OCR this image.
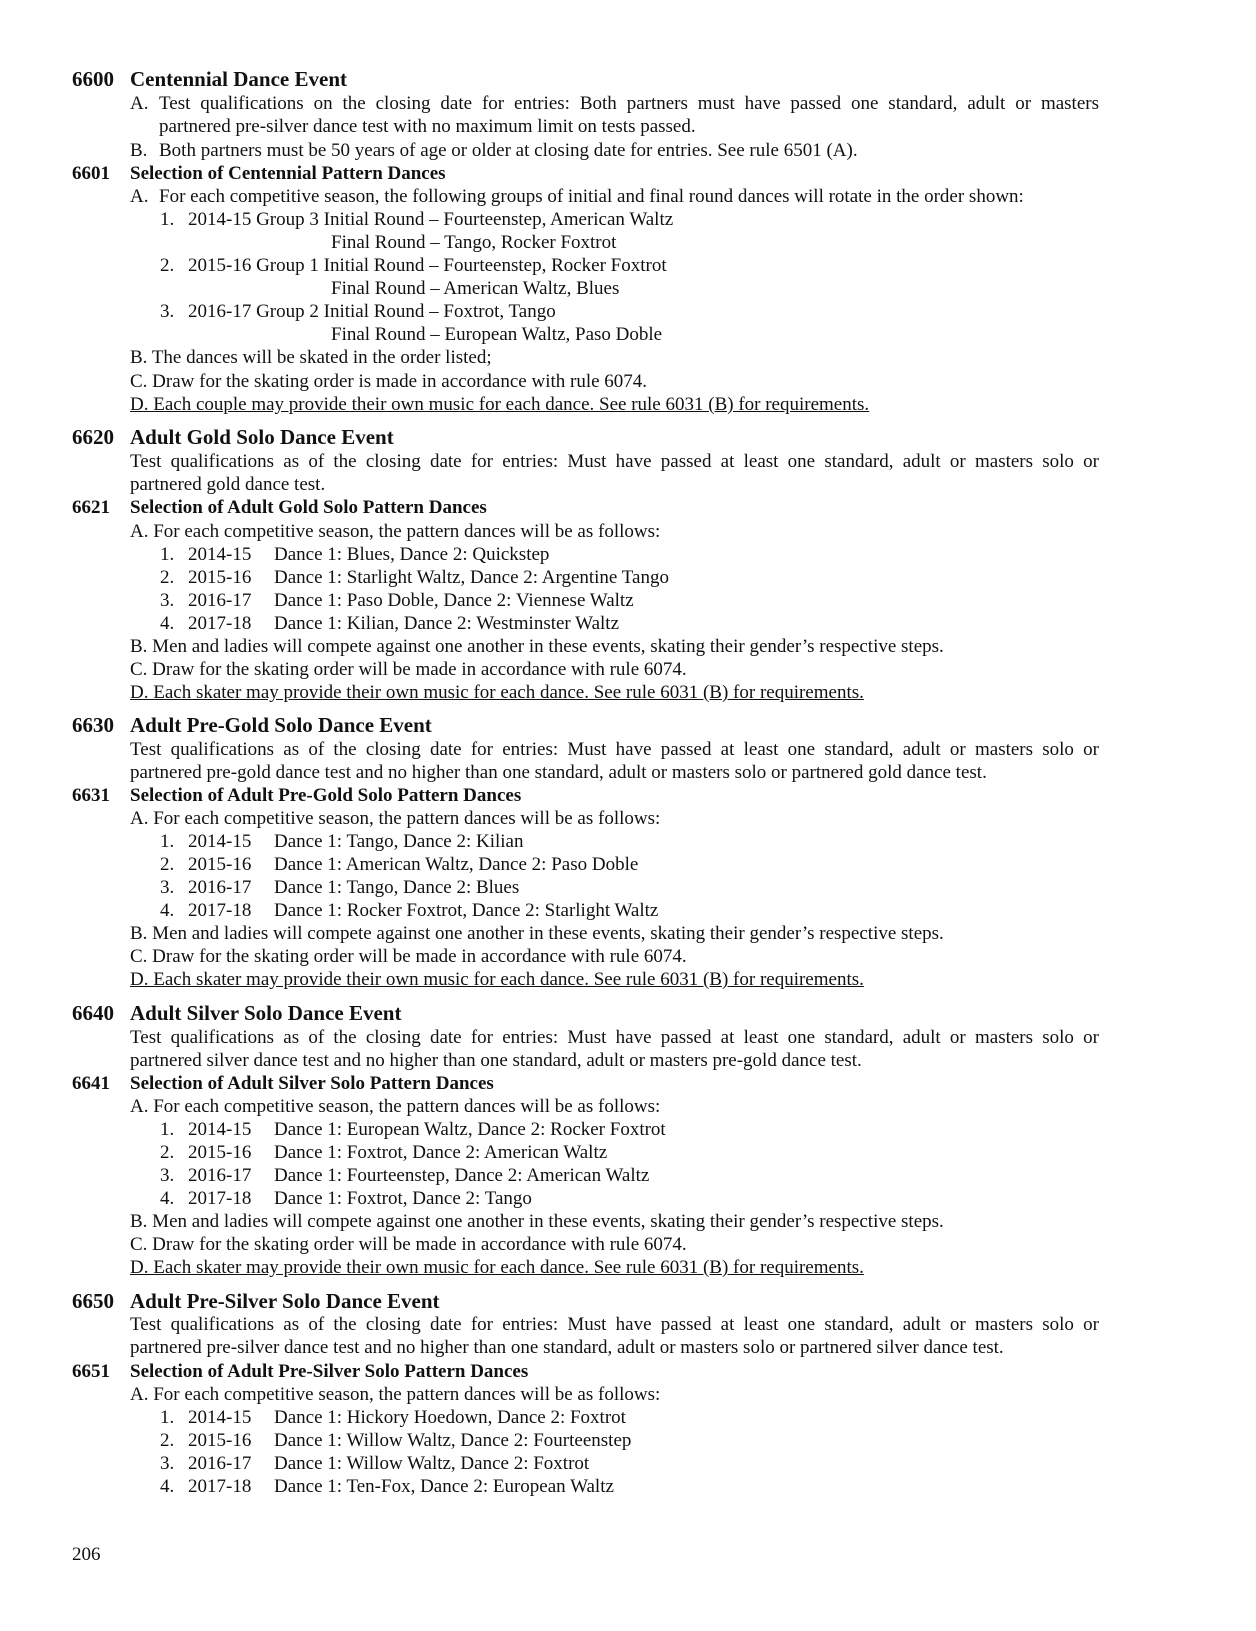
6600 Centennial Dance Event
A. Test qualifications on the closing date for entries: Both partners must have passed one standard, adult or masters
partnered pre-silver dance test with no maximum limit on tests passed.
B. Both partners must be 50 years of age or older at closing date for entries. See rule 6501 (A).
6601 Selection of Centennial Pattern Dances
A. For each competitive season, the following groups of initial and final round dances will rotate in the order shown:
1. 2014-15 Group 3 Initial Round – Fourteenstep, American Waltz
Final Round – Tango, Rocker Foxtrot
2. 2015-16 Group 1 Initial Round – Fourteenstep, Rocker Foxtrot
Final Round – American Waltz, Blues
3. 2016-17 Group 2 Initial Round – Foxtrot, Tango
Final Round – European Waltz, Paso Doble
B. The dances will be skated in the order listed;
C. Draw for the skating order is made in accordance with rule 6074.
D. Each couple may provide their own music for each dance. See rule 6031 (B) for requirements.
6620 Adult Gold Solo Dance Event
Test qualifications as of the closing date for entries: Must have passed at least one standard, adult or masters solo or
partnered gold dance test.
6621 Selection of Adult Gold Solo Pattern Dances
A. For each competitive season, the pattern dances will be as follows:
1. 2014-15 Dance 1: Blues, Dance 2: Quickstep
2. 2015-16 Dance 1: Starlight Waltz, Dance 2: Argentine Tango
3. 2016-17 Dance 1: Paso Doble, Dance 2: Viennese Waltz
4. 2017-18 Dance 1: Kilian, Dance 2: Westminster Waltz
B. Men and ladies will compete against one another in these events, skating their gender’s respective steps.
C. Draw for the skating order will be made in accordance with rule 6074.
D. Each skater may provide their own music for each dance. See rule 6031 (B) for requirements.
6630 Adult Pre-Gold Solo Dance Event
Test qualifications as of the closing date for entries: Must have passed at least one standard, adult or masters solo or
partnered pre-gold dance test and no higher than one standard, adult or masters solo or partnered gold dance test.
6631 Selection of Adult Pre-Gold Solo Pattern Dances
A. For each competitive season, the pattern dances will be as follows:
1. 2014-15 Dance 1: Tango, Dance 2: Kilian
2. 2015-16 Dance 1: American Waltz, Dance 2: Paso Doble
3. 2016-17 Dance 1: Tango, Dance 2: Blues
4. 2017-18 Dance 1: Rocker Foxtrot, Dance 2: Starlight Waltz
B. Men and ladies will compete against one another in these events, skating their gender’s respective steps.
C. Draw for the skating order will be made in accordance with rule 6074.
D. Each skater may provide their own music for each dance. See rule 6031 (B) for requirements.
6640 Adult Silver Solo Dance Event
Test qualifications as of the closing date for entries: Must have passed at least one standard, adult or masters solo or
partnered silver dance test and no higher than one standard, adult or masters pre-gold dance test.
6641 Selection of Adult Silver Solo Pattern Dances
A. For each competitive season, the pattern dances will be as follows:
1. 2014-15 Dance 1: European Waltz, Dance 2: Rocker Foxtrot
2. 2015-16 Dance 1: Foxtrot, Dance 2: American Waltz
3. 2016-17 Dance 1: Fourteenstep, Dance 2: American Waltz
4. 2017-18 Dance 1: Foxtrot, Dance 2: Tango
B. Men and ladies will compete against one another in these events, skating their gender’s respective steps.
C. Draw for the skating order will be made in accordance with rule 6074.
D. Each skater may provide their own music for each dance. See rule 6031 (B) for requirements.
6650 Adult Pre-Silver Solo Dance Event
Test qualifications as of the closing date for entries: Must have passed at least one standard, adult or masters solo or
partnered pre-silver dance test and no higher than one standard, adult or masters solo or partnered silver dance test.
6651 Selection of Adult Pre-Silver Solo Pattern Dances
A. For each competitive season, the pattern dances will be as follows:
1. 2014-15 Dance 1: Hickory Hoedown, Dance 2: Foxtrot
2. 2015-16 Dance 1: Willow Waltz, Dance 2: Fourteenstep
3. 2016-17 Dance 1: Willow Waltz, Dance 2: Foxtrot
4. 2017-18 Dance 1: Ten-Fox, Dance 2: European Waltz
206
